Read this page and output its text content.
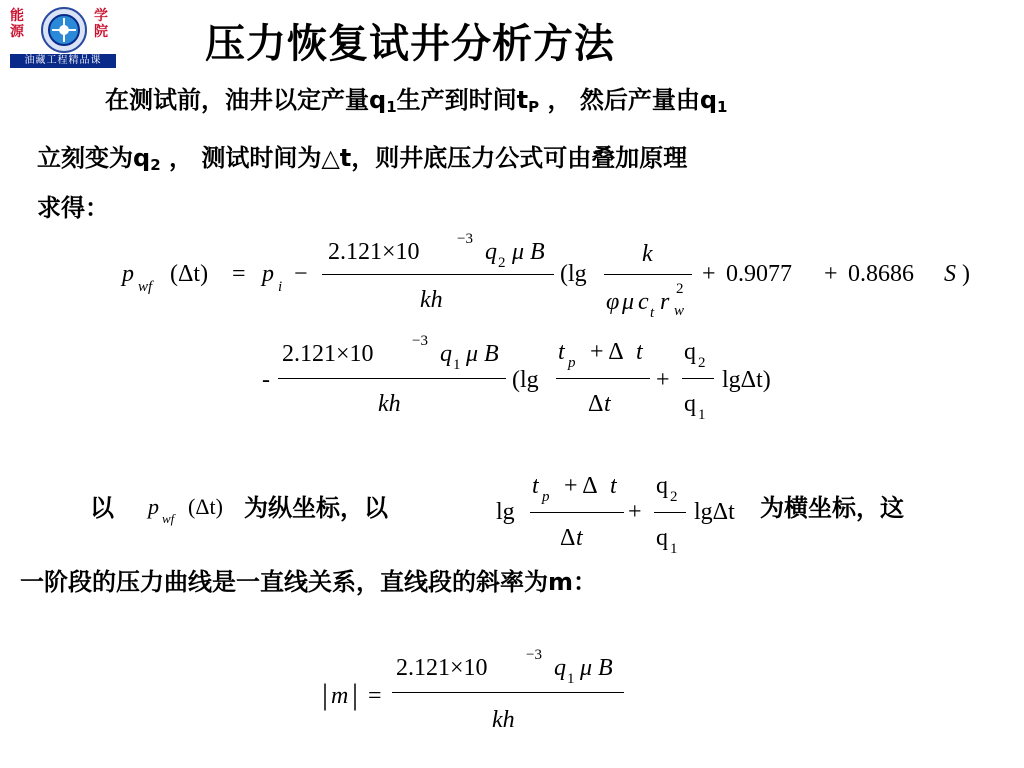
能源
学院
油藏工程精品课	压力恢复试井分析方法
在测试前，油井以定产量$q_1$生产到时间$t_P$ ， 然后产量由$q_1$
立刻变为$q_2$ ， 测试时间为△t，则井底压力公式可由叠加原理
求得：
p wf (Δt) = p i −
2.121×10 −3 q 2 μ B
kh
(lg
k
φ μ c t r 2
w
+ 0.9077 + 0.8686 S )
-
2.121×10	−3 q 1 μ B
kh
(lg
t p + Δ t
Δ t
+
q 2
q 1
lgΔt)
以 p wf (Δt) 为纵坐标，以	lg
t p + Δ t
Δ t
+
q 2
q 1
lgΔt 为横坐标，这
一阶段的压力曲线是一直线关系，直线段的斜率为m：
| m | =
2.121×10	−3 q 1 μ B
kh
